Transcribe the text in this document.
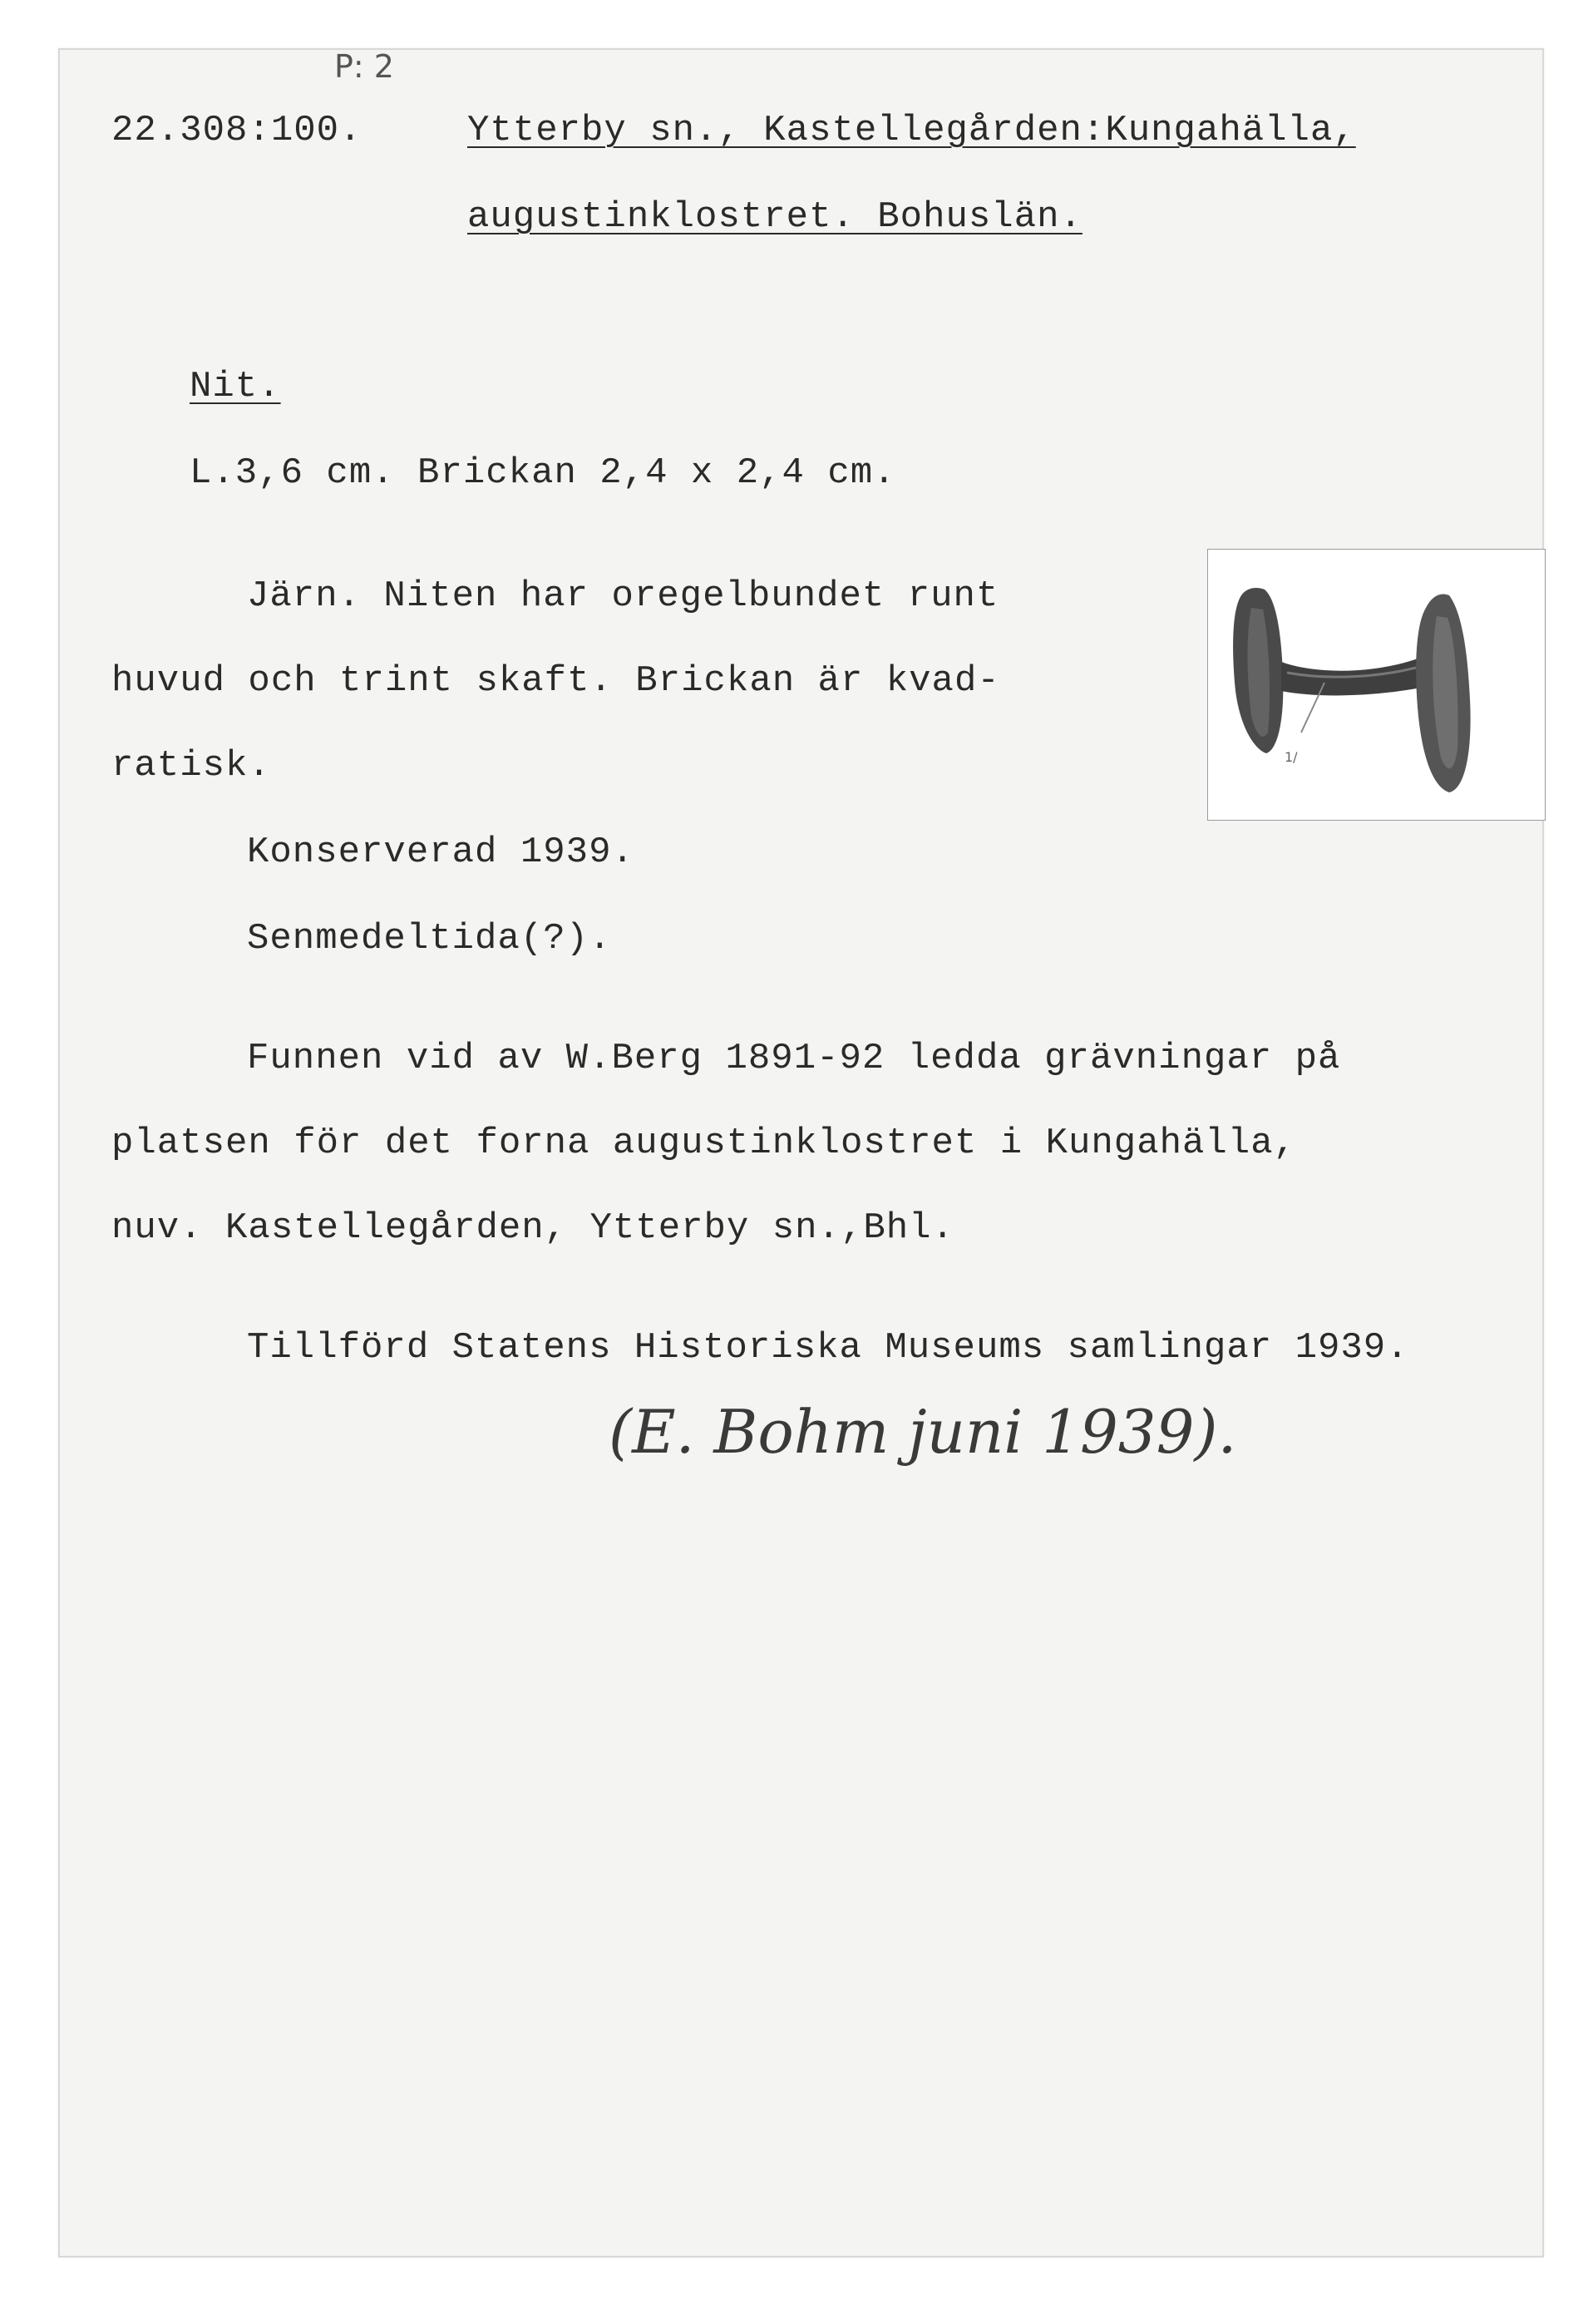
P: 2
22.308:100.	Ytterby sn., Kastellegården:Kungahälla,
augustinklostret. Bohuslän.
Nit.
L.3,6 cm. Brickan 2,4 x 2,4 cm.
Järn. Niten har oregelbundet runt
huvud och trint skaft. Brickan är kvad-
ratisk.
Konserverad 1939.
Senmedeltida(?).
Funnen vid av W.Berg 1891-92 ledda grävningar på
platsen för det forna augustinklostret i Kungahälla,
nuv. Kastellegården, Ytterby sn.,Bhl.
Tillförd Statens Historiska Museums samlingar 1939.
(E. Bohm juni 1939).
1/
